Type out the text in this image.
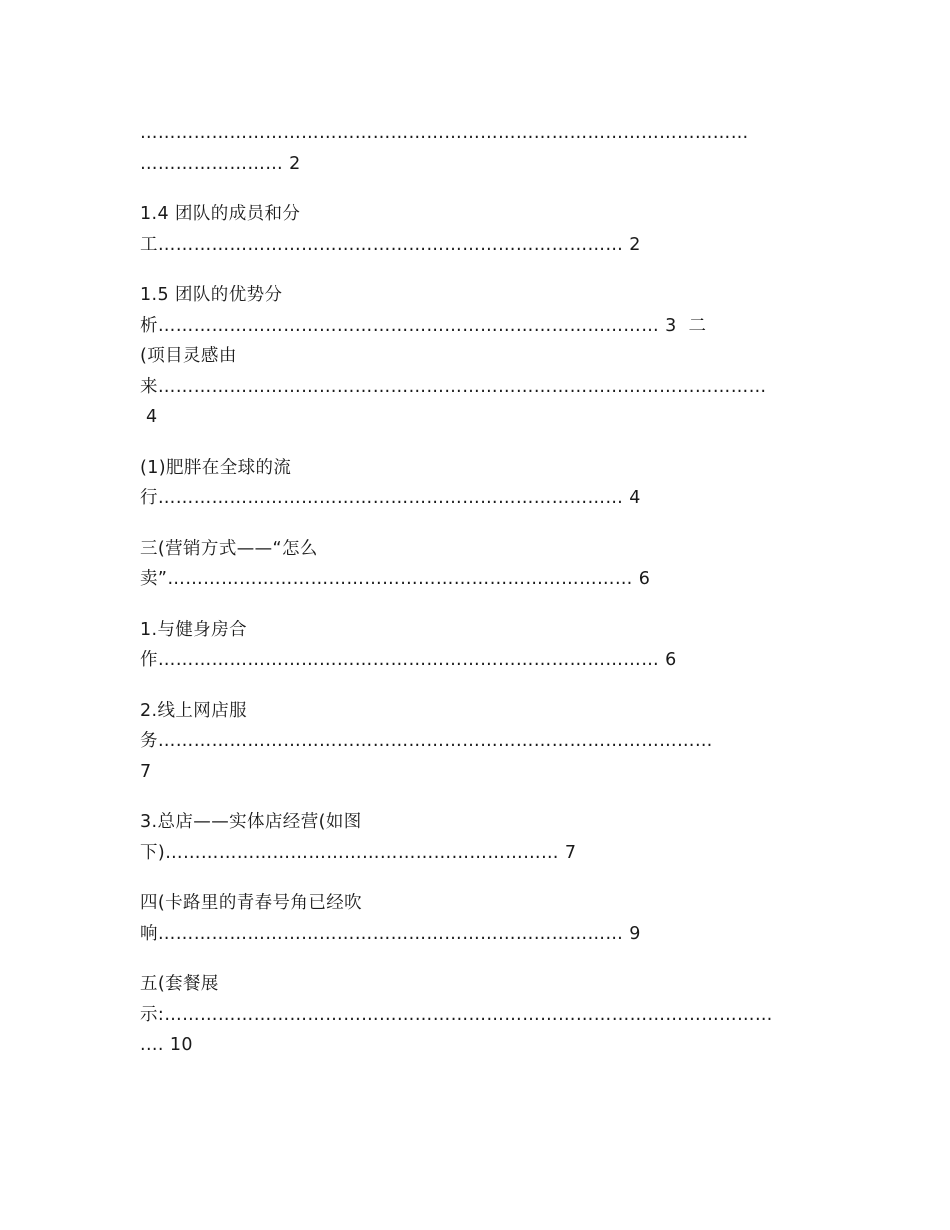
…………………………………………………………………………………………
…………………… 2
1.4 团队的成员和分
工…………………………………………………………………… 2
1.5 团队的优势分
析………………………………………………………………………… 3  二
(项目灵感由
来…………………………………………………………………………………………
4
(1)肥胖在全球的流
行…………………………………………………………………… 4
三(营销方式——“怎么
卖”…………………………………………………………………… 6
1.与健身房合
作………………………………………………………………………… 6
2.线上网店服
务…………………………………………………………………………………
7
3.总店——实体店经营(如图
下)………………………………………………………… 7
四(卡路里的青春号角已经吹
响…………………………………………………………………… 9
五(套餐展
示:…………………………………………………………………………………………
.... 10
